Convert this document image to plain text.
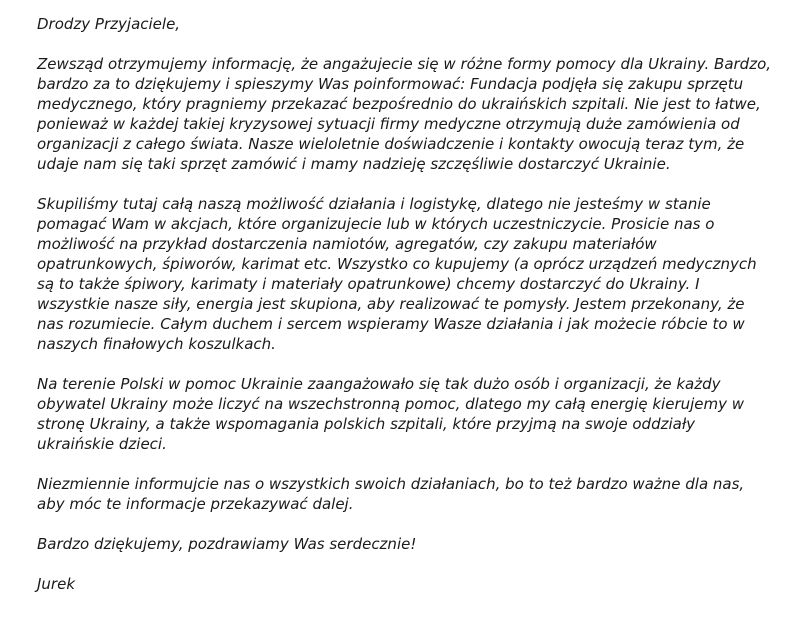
Drodzy Przyjaciele,

Zewsząd otrzymujemy informację, że angażujecie się w różne formy pomocy dla Ukrainy. Bardzo,
bardzo za to dziękujemy i spieszymy Was poinformować: Fundacja podjęła się zakupu sprzętu
medycznego, który pragniemy przekazać bezpośrednio do ukraińskich szpitali. Nie jest to łatwe,
ponieważ w każdej takiej kryzysowej sytuacji firmy medyczne otrzymują duże zamówienia od
organizacji z całego świata. Nasze wieloletnie doświadczenie i kontakty owocują teraz tym, że
udaje nam się taki sprzęt zamówić i mamy nadzieję szczęśliwie dostarczyć Ukrainie.

Skupiliśmy tutaj całą naszą możliwość działania i logistykę, dlatego nie jesteśmy w stanie
pomagać Wam w akcjach, które organizujecie lub w których uczestniczycie. Prosicie nas o
możliwość na przykład dostarczenia namiotów, agregatów, czy zakupu materiałów
opatrunkowych, śpiworów, karimat etc. Wszystko co kupujemy (a oprócz urządzeń medycznych
są to także śpiwory, karimaty i materiały opatrunkowe) chcemy dostarczyć do Ukrainy. I
wszystkie nasze siły, energia jest skupiona, aby realizować te pomysły. Jestem przekonany, że
nas rozumiecie. Całym duchem i sercem wspieramy Wasze działania i jak możecie róbcie to w
naszych finałowych koszulkach.

Na terenie Polski w pomoc Ukrainie zaangażowało się tak dużo osób i organizacji, że każdy
obywatel Ukrainy może liczyć na wszechstronną pomoc, dlatego my całą energię kierujemy w
stronę Ukrainy, a także wspomagania polskich szpitali, które przyjmą na swoje oddziały
ukraińskie dzieci.

Niezmiennie informujcie nas o wszystkich swoich działaniach, bo to też bardzo ważne dla nas,
aby móc te informacje przekazywać dalej.

Bardzo dziękujemy, pozdrawiamy Was serdecznie!

Jurek
